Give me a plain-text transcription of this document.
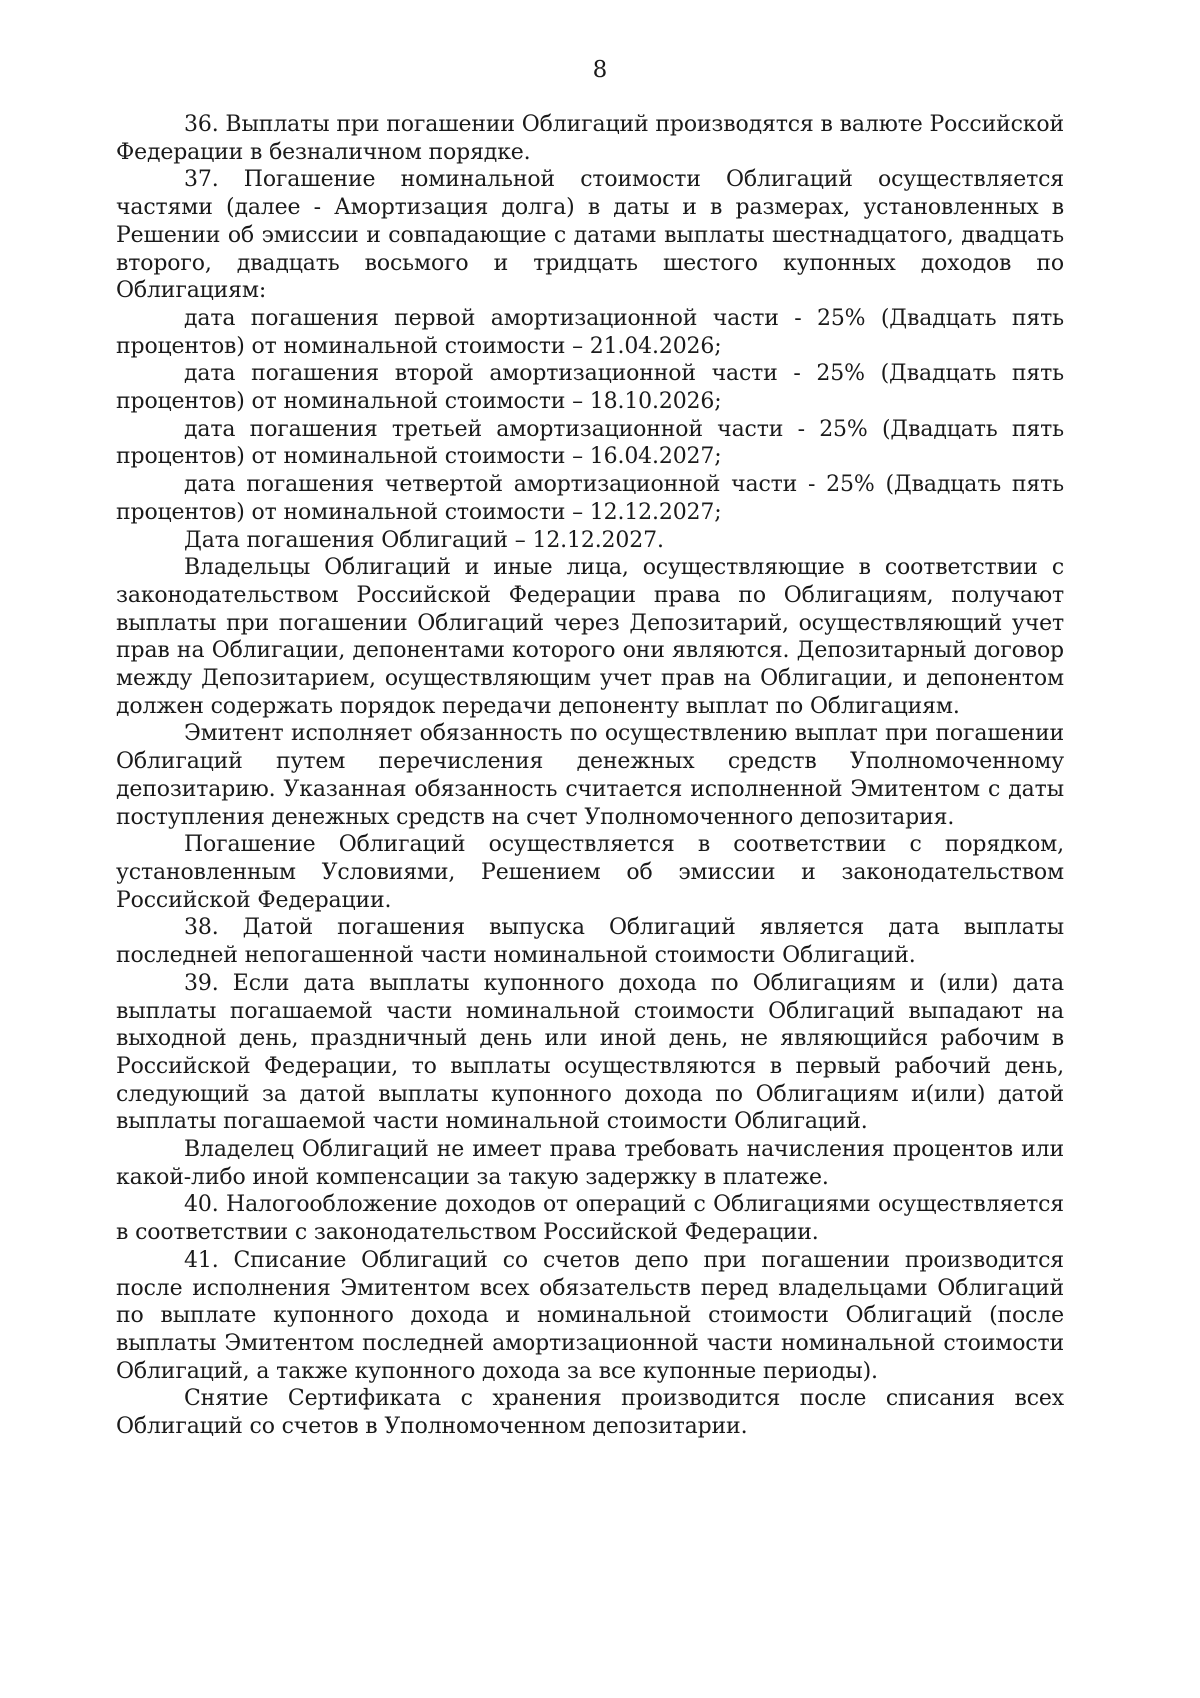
8

36. Выплаты при погашении Облигаций производятся в валюте Российской Федерации в безналичном порядке.

37. Погашение номинальной стоимости Облигаций осуществляется частями (далее - Амортизация долга) в даты и в размерах, установленных в Решении об эмиссии и совпадающие с датами выплаты шестнадцатого, двадцать второго, двадцать восьмого и тридцать шестого купонных доходов по Облигациям:

дата погашения первой амортизационной части - 25% (Двадцать пять процентов) от номинальной стоимости – 21.04.2026;

дата погашения второй амортизационной части - 25% (Двадцать пять процентов) от номинальной стоимости – 18.10.2026;

дата погашения третьей амортизационной части - 25% (Двадцать пять процентов) от номинальной стоимости – 16.04.2027;

дата погашения четвертой амортизационной части - 25% (Двадцать пять процентов) от номинальной стоимости – 12.12.2027;

Дата погашения Облигаций – 12.12.2027.

Владельцы Облигаций и иные лица, осуществляющие в соответствии с законодательством Российской Федерации права по Облигациям, получают выплаты при погашении Облигаций через Депозитарий, осуществляющий учет прав на Облигации, депонентами которого они являются. Депозитарный договор между Депозитарием, осуществляющим учет прав на Облигации, и депонентом должен содержать порядок передачи депоненту выплат по Облигациям.

Эмитент исполняет обязанность по осуществлению выплат при погашении Облигаций путем перечисления денежных средств Уполномоченному депозитарию. Указанная обязанность считается исполненной Эмитентом с даты поступления денежных средств на счет Уполномоченного депозитария.

Погашение Облигаций осуществляется в соответствии с порядком, установленным Условиями, Решением об эмиссии и законодательством Российской Федерации.

38. Датой погашения выпуска Облигаций является дата выплаты последней непогашенной части номинальной стоимости Облигаций.

39. Если дата выплаты купонного дохода по Облигациям и (или) дата выплаты погашаемой части номинальной стоимости Облигаций выпадают на выходной день, праздничный день или иной день, не являющийся рабочим в Российской Федерации, то выплаты осуществляются в первый рабочий день, следующий за датой выплаты купонного дохода по Облигациям и(или) датой выплаты погашаемой части номинальной стоимости Облигаций.

Владелец Облигаций не имеет права требовать начисления процентов или какой-либо иной компенсации за такую задержку в платеже.

40. Налогообложение доходов от операций с Облигациями осуществляется в соответствии с законодательством Российской Федерации.

41. Списание Облигаций со счетов депо при погашении производится после исполнения Эмитентом всех обязательств перед владельцами Облигаций по выплате купонного дохода и номинальной стоимости Облигаций (после выплаты Эмитентом последней амортизационной части номинальной стоимости Облигаций, а также купонного дохода за все купонные периоды).

Снятие Сертификата с хранения производится после списания всех Облигаций со счетов в Уполномоченном депозитарии.
